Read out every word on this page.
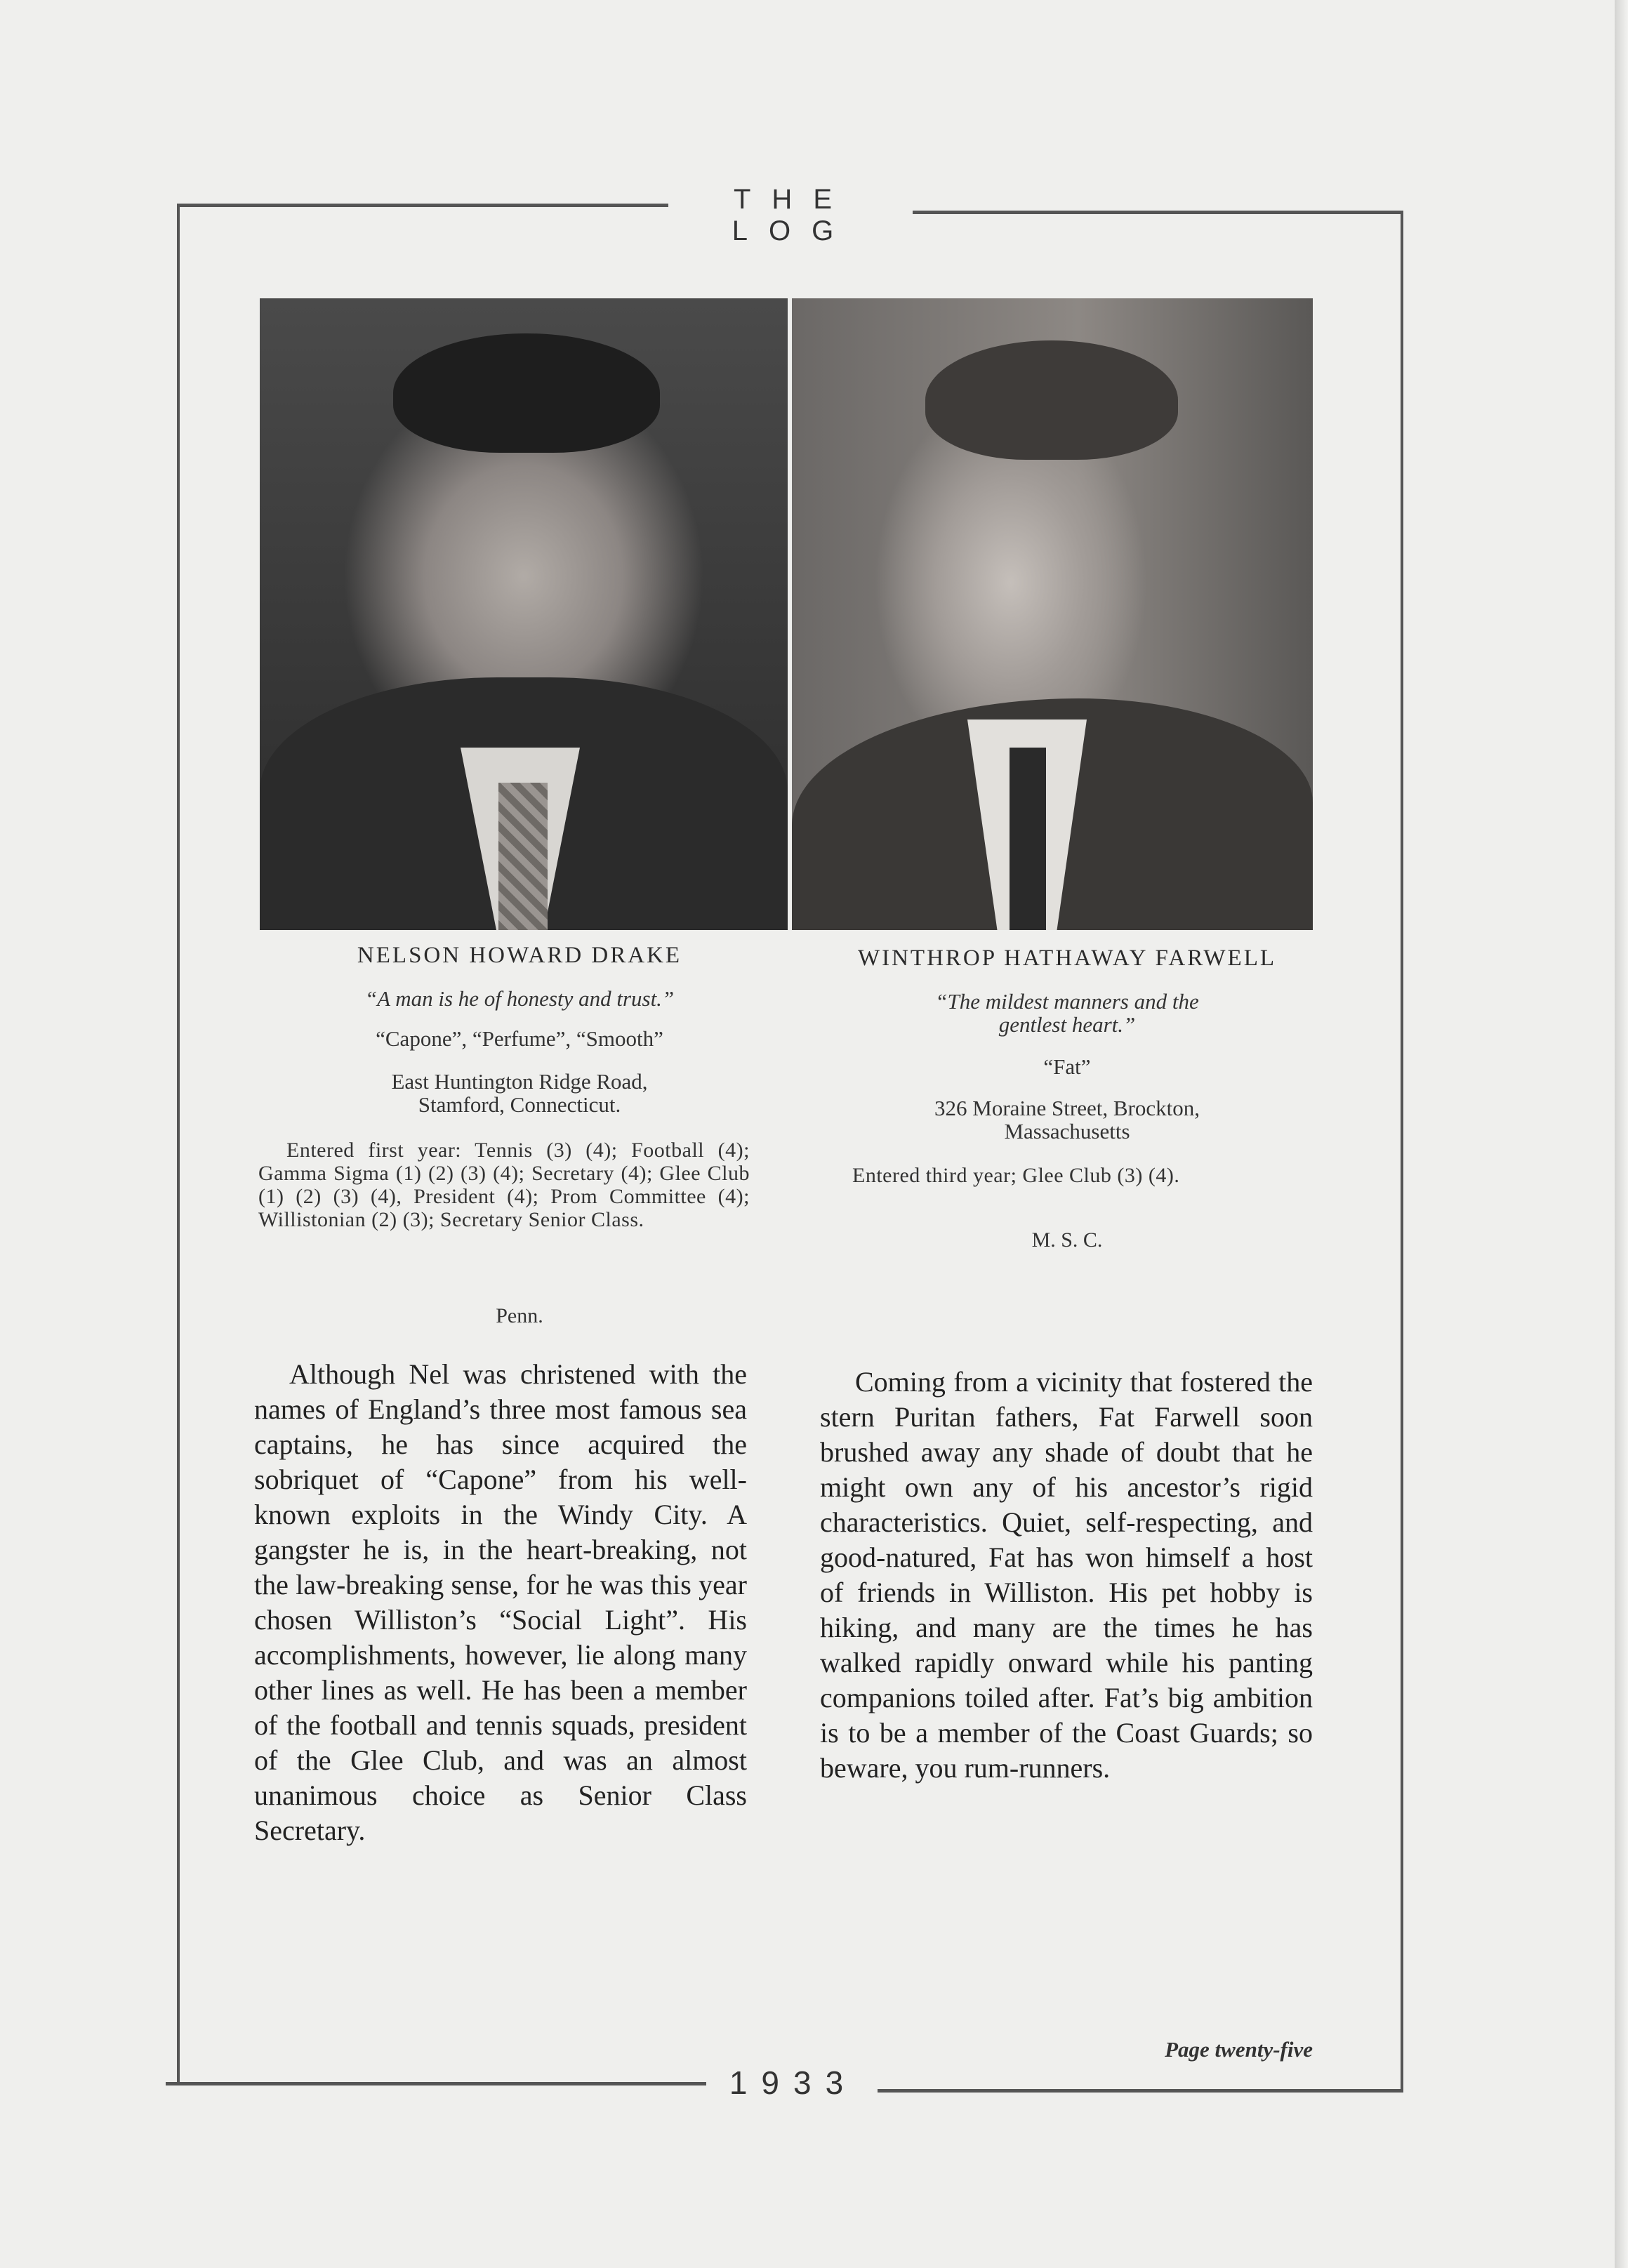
THE LOG
NELSON HOWARD DRAKE
“A man is he of honesty and trust.”
“Capone”, “Perfume”, “Smooth”
East Huntington Ridge Road,
Stamford, Connecticut.
Entered first year: Tennis (3) (4); Football (4); Gamma Sigma (1) (2) (3) (4); Secretary (4); Glee Club (1) (2) (3) (4), President (4); Prom Committee (4); Willistonian (2) (3); Secretary Senior Class.
Penn.
Although Nel was christened with the names of England’s three most famous sea captains, he has since acquired the sobriquet of “Capone” from his well-known exploits in the Windy City. A gangster he is, in the heart-breaking, not the law-breaking sense, for he was this year chosen Williston’s “Social Light”. His accomplishments, however, lie along many other lines as well. He has been a member of the football and tennis squads, president of the Glee Club, and was an almost unanimous choice as Senior Class Secretary.
WINTHROP HATHAWAY FARWELL
“The mildest manners and the
gentlest heart.”
“Fat”
326 Moraine Street, Brockton,
Massachusetts
Entered third year; Glee Club (3) (4).
M. S. C.
Coming from a vicinity that fostered the stern Puritan fathers, Fat Farwell soon brushed away any shade of doubt that he might own any of his ancestor’s rigid characteristics. Quiet, self-respecting, and good-natured, Fat has won himself a host of friends in Williston. His pet hobby is hiking, and many are the times he has walked rapidly onward while his panting companions toiled after. Fat’s big ambition is to be a member of the Coast Guards; so beware, you rum-runners.
Page twenty-five
1933
